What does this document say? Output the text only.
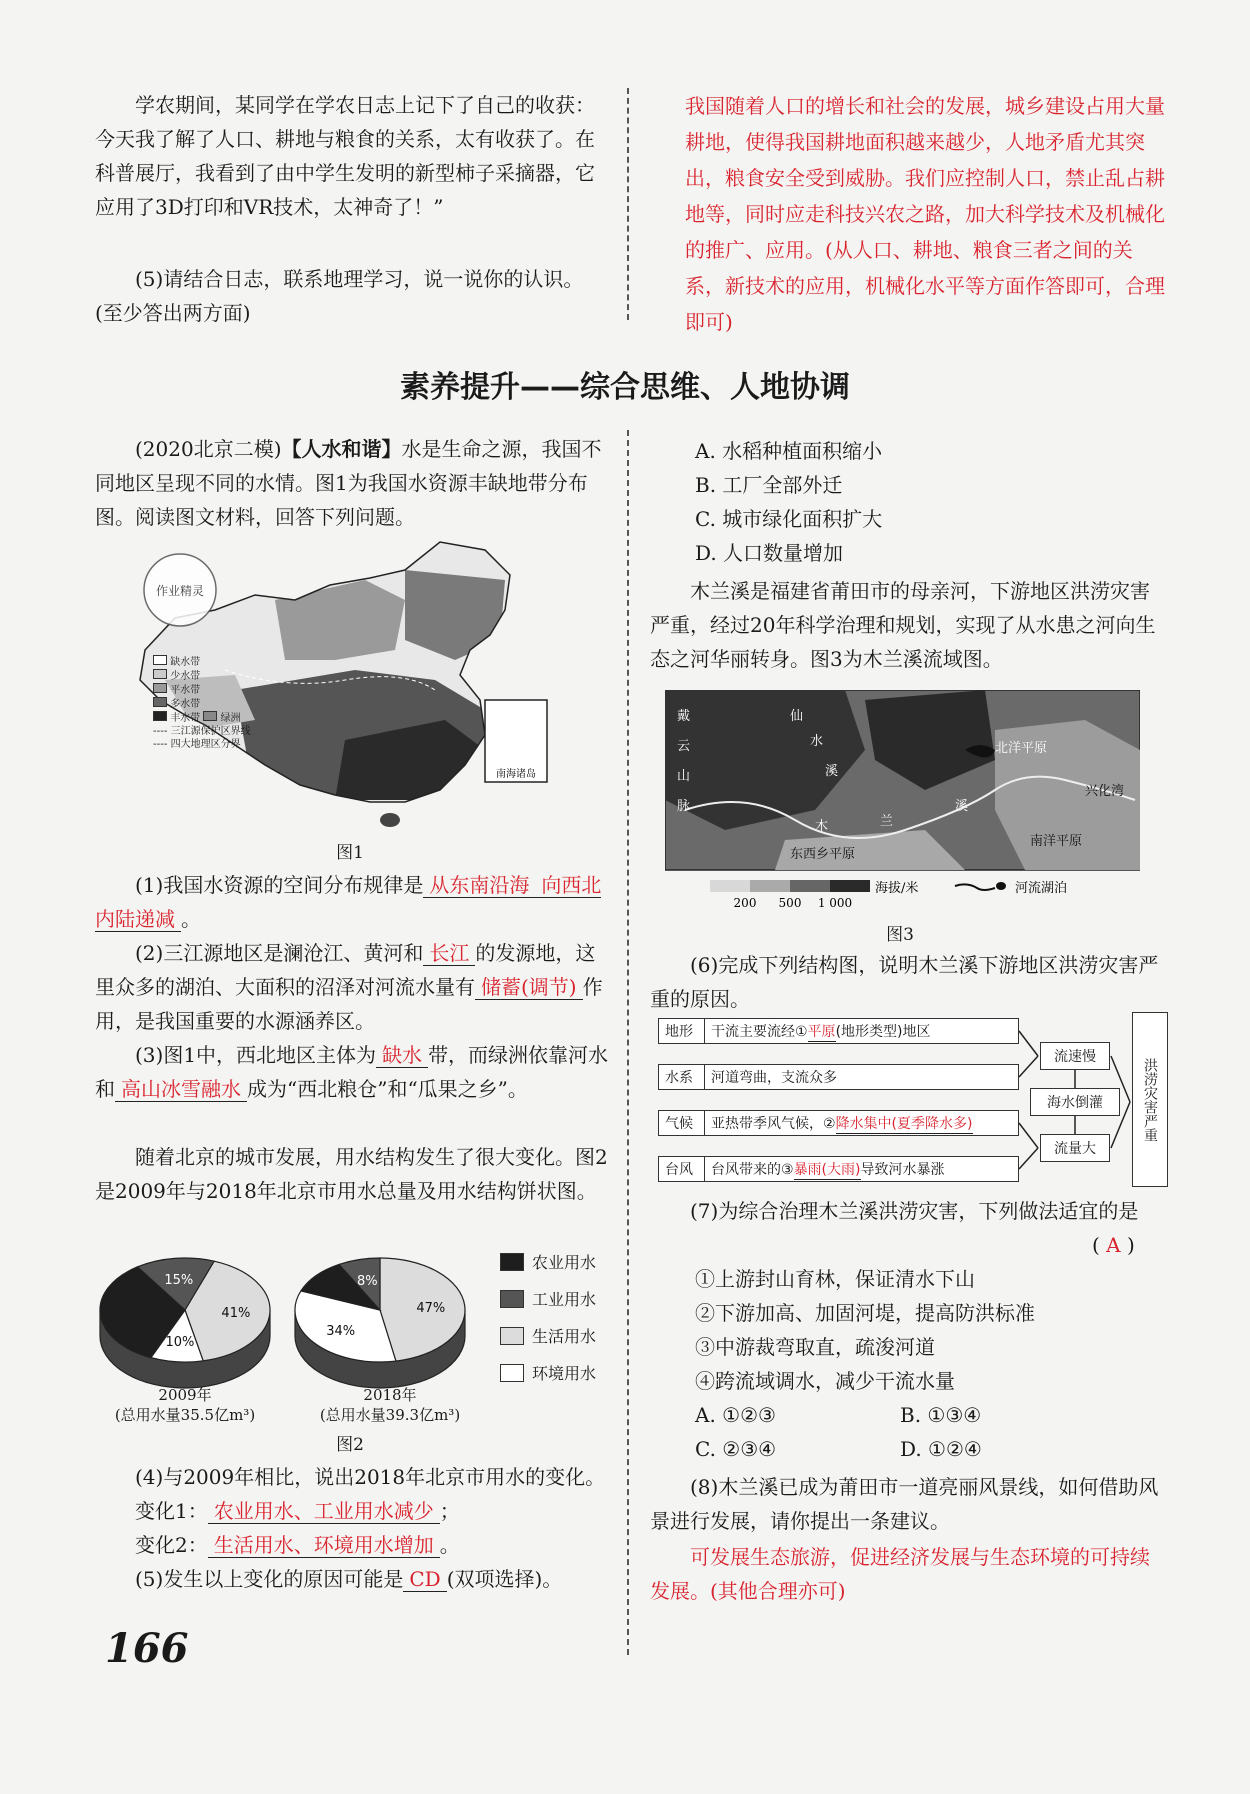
学农期间，某同学在学农日志上记下了自己的收获：今天我了解了人口、耕地与粮食的关系，太有收获了。在科普展厅，我看到了由中学生发明的新型柿子采摘器，它应用了3D打印和VR技术，太神奇了！”
(5)请结合日志，联系地理学习，说一说你的认识。(至少答出两方面)
我国随着人口的增长和社会的发展，城乡建设占用大量耕地，使得我国耕地面积越来越少，人地矛盾尤其突出，粮食安全受到威胁。我们应控制人口，禁止乱占耕地等，同时应走科技兴农之路，加大科学技术及机械化的推广、应用。(从人口、耕地、粮食三者之间的关系，新技术的应用，机械化水平等方面作答即可，合理即可)
素养提升——综合思维、人地协调
(2020北京二模)【人水和谐】水是生命之源，我国不同地区呈现不同的水情。图1为我国水资源丰缺地带分布图。阅读图文材料，回答下列问题。
南海诸岛
作业精灵
缺水带
少水带
平水带
多水带
丰水带 绿洲
---- 三江源保护区界线
---- 四大地理区分界
图1
(1)我国水资源的空间分布规律是 从东南沿海 向西北内陆递减 。
(2)三江源地区是澜沧江、黄河和 长江 的发源地，这里众多的湖泊、大面积的沼泽对河流水量有 储蓄(调节) 作用，是我国重要的水源涵养区。
(3)图1中，西北地区主体为 缺水 带，而绿洲依靠河水和 高山冰雪融水 成为“西北粮仓”和“瓜果之乡”。
随着北京的城市发展，用水结构发生了很大变化。图2是2009年与2018年北京市用水总量及用水结构饼状图。
41%
10%
15%
47%
34%
8%
农业用水
工业用水
生活用水
环境用水
2009年
(总用水量35.5亿m³)
2018年
(总用水量39.3亿m³)
图2
(4)与2009年相比，说出2018年北京市用水的变化。
变化1： 农业用水、工业用水减少 ；
变化2： 生活用水、环境用水增加 。
(5)发生以上变化的原因可能是 CD (双项选择)。
A. 水稻种植面积缩小
B. 工厂全部外迁
C. 城市绿化面积扩大
D. 人口数量增加
木兰溪是福建省莆田市的母亲河，下游地区洪涝灾害严重，经过20年科学治理和规划，实现了从水患之河向生态之河华丽转身。图3为木兰溪流域图。
戴
云
山
脉
仙
水
溪
北洋平原
兴化湾
溪
木	兰
东西乡平原
南洋平原
200 500 1 000
海拔/米	河流湖泊
图3
(6)完成下列结构图，说明木兰溪下游地区洪涝灾害严重的原因。
地形	干流主要流经① 平原 (地形类型)地区
水系	河道弯曲，支流众多
气候	亚热带季风气候，② 降水集中(夏季降水多)
台风	台风带来的③ 暴雨(大雨) 导致河水暴涨
流速慢
海水倒灌
流量大
洪涝灾害严重
(7)为综合治理木兰溪洪涝灾害，下列做法适宜的是
( A )
①上游封山育林，保证清水下山
②下游加高、加固河堤，提高防洪标准
③中游裁弯取直，疏浚河道
④跨流域调水，减少干流水量
A. ①②③	B. ①③④
C. ②③④	D. ①②④
(8)木兰溪已成为莆田市一道亮丽风景线，如何借助风景进行发展，请你提出一条建议。
可发展生态旅游，促进经济发展与生态环境的可持续发展。(其他合理亦可)
166
